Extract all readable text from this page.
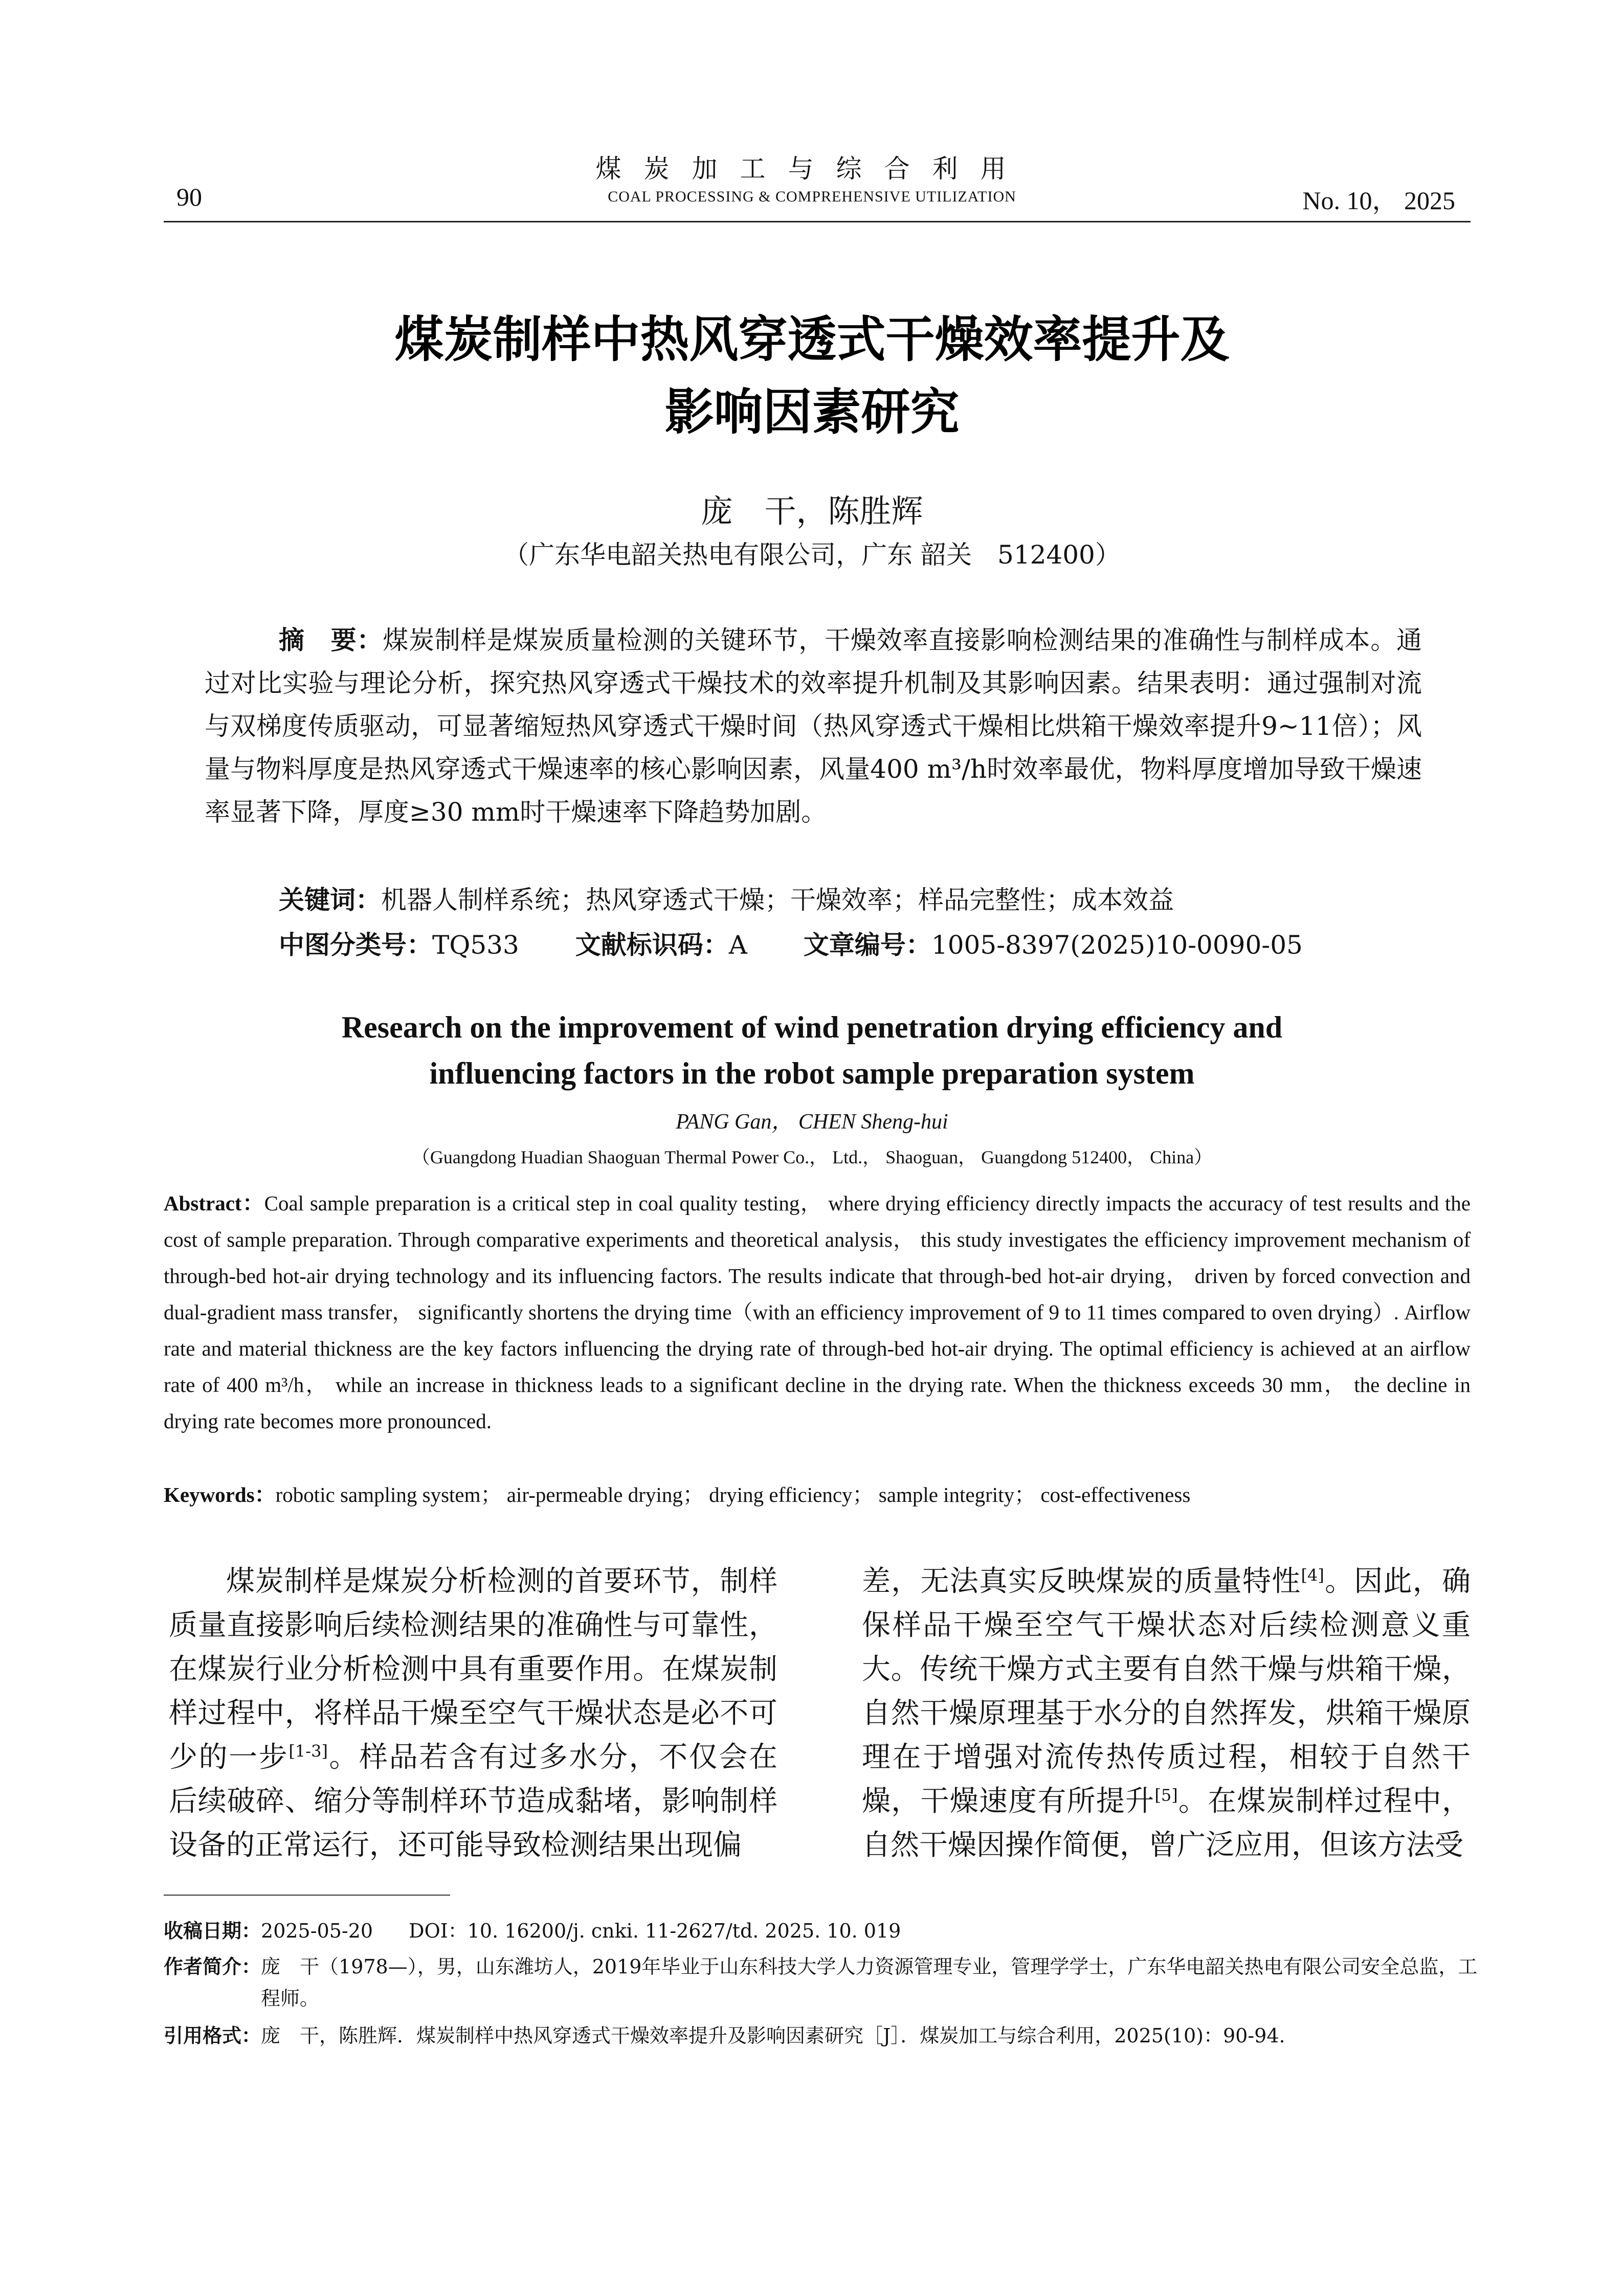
90
煤炭加工与综合利用
COAL PROCESSING & COMPREHENSIVE UTILIZATION	No. 10， 2025
煤炭制样中热风穿透式干燥效率提升及
影响因素研究
庞　干，陈胜辉
（广东华电韶关热电有限公司，广东 韶关　512400）
摘　要：煤炭制样是煤炭质量检测的关键环节，干燥效率直接影响检测结果的准确性与制样成本。通过对比实验与理论分析，探究热风穿透式干燥技术的效率提升机制及其影响因素。结果表明：通过强制对流与双梯度传质驱动，可显著缩短热风穿透式干燥时间（热风穿透式干燥相比烘箱干燥效率提升9~11倍）；风量与物料厚度是热风穿透式干燥速率的核心影响因素，风量400 m³/h时效率最优，物料厚度增加导致干燥速率显著下降，厚度≥30 mm时干燥速率下降趋势加剧。
关键词：机器人制样系统；热风穿透式干燥；干燥效率；样品完整性；成本效益
中图分类号：TQ533 文献标识码：A 文章编号：1005-8397(2025)10-0090-05
Research on the improvement of wind penetration drying efficiency and
influencing factors in the robot sample preparation system
PANG Gan， CHEN Sheng-hui
（Guangdong Huadian Shaoguan Thermal Power Co.， Ltd.， Shaoguan， Guangdong 512400， China）
Abstract：Coal sample preparation is a critical step in coal quality testing， where drying efficiency directly impacts the accuracy of test results and the cost of sample preparation. Through comparative experiments and theoretical analysis， this study investigates the efficiency improvement mechanism of through-bed hot-air drying technology and its influencing factors. The results indicate that through-bed hot-air drying， driven by forced convection and dual-gradient mass transfer， significantly shortens the drying time（with an efficiency improvement of 9 to 11 times compared to oven drying）. Airflow rate and material thickness are the key factors influencing the drying rate of through-bed hot-air drying. The optimal efficiency is achieved at an airflow rate of 400 m³/h， while an increase in thickness leads to a significant decline in the drying rate. When the thickness exceeds 30 mm， the decline in drying rate becomes more pronounced.
Keywords：robotic sampling system； air-permeable drying； drying efficiency； sample integrity； cost-effectiveness
煤炭制样是煤炭分析检测的首要环节，制样质量直接影响后续检测结果的准确性与可靠性，在煤炭行业分析检测中具有重要作用。在煤炭制样过程中，将样品干燥至空气干燥状态是必不可少的一步[1-3]。样品若含有过多水分，不仅会在后续破碎、缩分等制样环节造成黏堵，影响制样设备的正常运行，还可能导致检测结果出现偏
差，无法真实反映煤炭的质量特性[4]。因此，确保样品干燥至空气干燥状态对后续检测意义重大。传统干燥方式主要有自然干燥与烘箱干燥，自然干燥原理基于水分的自然挥发，烘箱干燥原理在于增强对流传热传质过程，相较于自然干燥，干燥速度有所提升[5]。在煤炭制样过程中，自然干燥因操作简便，曾广泛应用，但该方法受
收稿日期：2025-05-20 DOI：10. 16200/j. cnki. 11-2627/td. 2025. 10. 019
作者简介：庞　干（1978—），男，山东潍坊人，2019年毕业于山东科技大学人力资源管理专业，管理学学士，广东华电韶关热电有限公司安全总监，工程师。
引用格式：庞　干，陈胜辉．煤炭制样中热风穿透式干燥效率提升及影响因素研究［J］．煤炭加工与综合利用，2025(10)：90-94.
